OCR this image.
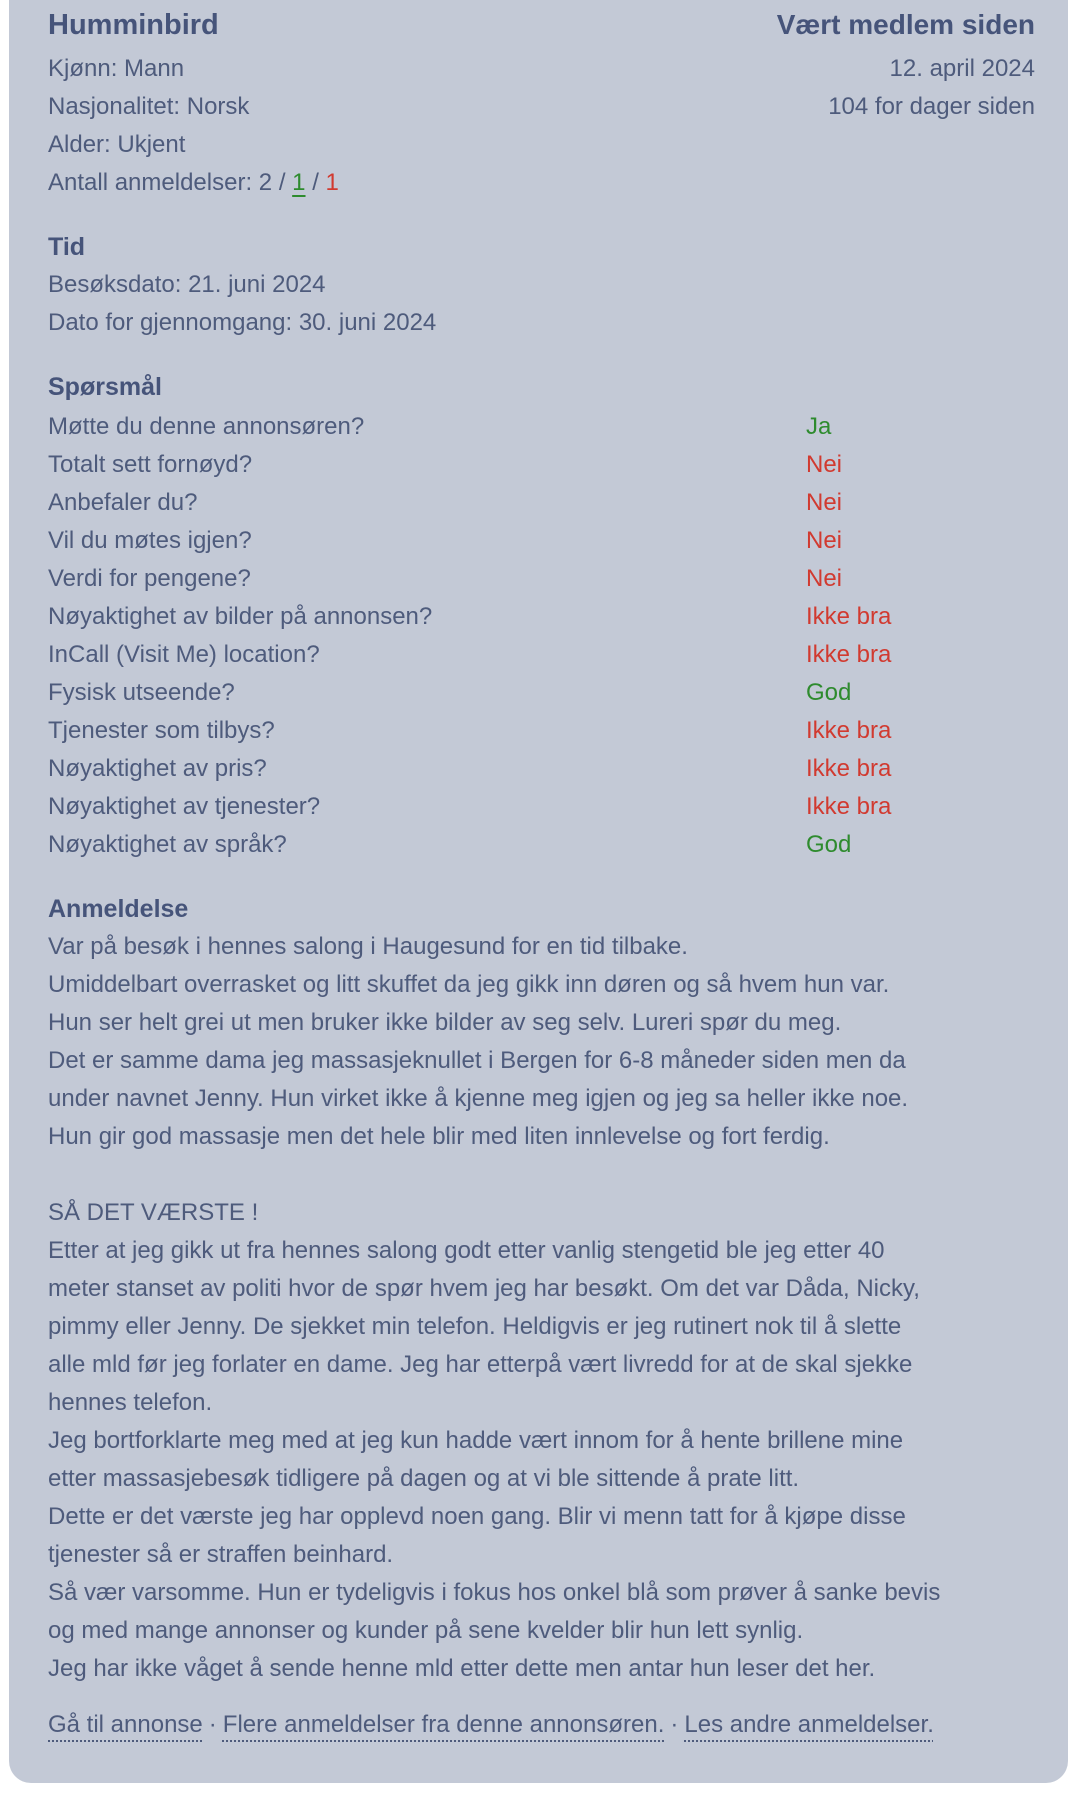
Humminbird	Vært medlem siden
Kjønn: Mann
Nasjonalitet: Norsk
Alder: Ukjent
Antall anmeldelser: 2 / 1 / 1
12. april 2024
104 for dager siden
Tid
Besøksdato: 21. juni 2024
Dato for gjennomgang: 30. juni 2024
Spørsmål
Møtte du denne annonsøren?	Ja
Totalt sett fornøyd?	Nei
Anbefaler du?	Nei
Vil du møtes igjen?	Nei
Verdi for pengene?	Nei
Nøyaktighet av bilder på annonsen?	Ikke bra
InCall (Visit Me) location?	Ikke bra
Fysisk utseende?	God
Tjenester som tilbys?	Ikke bra
Nøyaktighet av pris?	Ikke bra
Nøyaktighet av tjenester?	Ikke bra
Nøyaktighet av språk?	God
Anmeldelse
Var på besøk i hennes salong i Haugesund for en tid tilbake.
Umiddelbart overrasket og litt skuffet da jeg gikk inn døren og så hvem hun var.
Hun ser helt grei ut men bruker ikke bilder av seg selv. Lureri spør du meg.
Det er samme dama jeg massasjeknullet i Bergen for 6-8 måneder siden men da
under navnet Jenny. Hun virket ikke å kjenne meg igjen og jeg sa heller ikke noe.
Hun gir god massasje men det hele blir med liten innlevelse og fort ferdig.
SÅ DET VÆRSTE !
Etter at jeg gikk ut fra hennes salong godt etter vanlig stengetid ble jeg etter 40
meter stanset av politi hvor de spør hvem jeg har besøkt. Om det var Dåda, Nicky,
pimmy eller Jenny. De sjekket min telefon. Heldigvis er jeg rutinert nok til å slette
alle mld før jeg forlater en dame. Jeg har etterpå vært livredd for at de skal sjekke
hennes telefon.
Jeg bortforklarte meg med at jeg kun hadde vært innom for å hente brillene mine
etter massasjebesøk tidligere på dagen og at vi ble sittende å prate litt.
Dette er det værste jeg har opplevd noen gang. Blir vi menn tatt for å kjøpe disse
tjenester så er straffen beinhard.
Så vær varsomme. Hun er tydeligvis i fokus hos onkel blå som prøver å sanke bevis
og med mange annonser og kunder på sene kvelder blir hun lett synlig.
Jeg har ikke våget å sende henne mld etter dette men antar hun leser det her.
Gå til annonse · Flere anmeldelser fra denne annonsøren. · Les andre anmeldelser.
